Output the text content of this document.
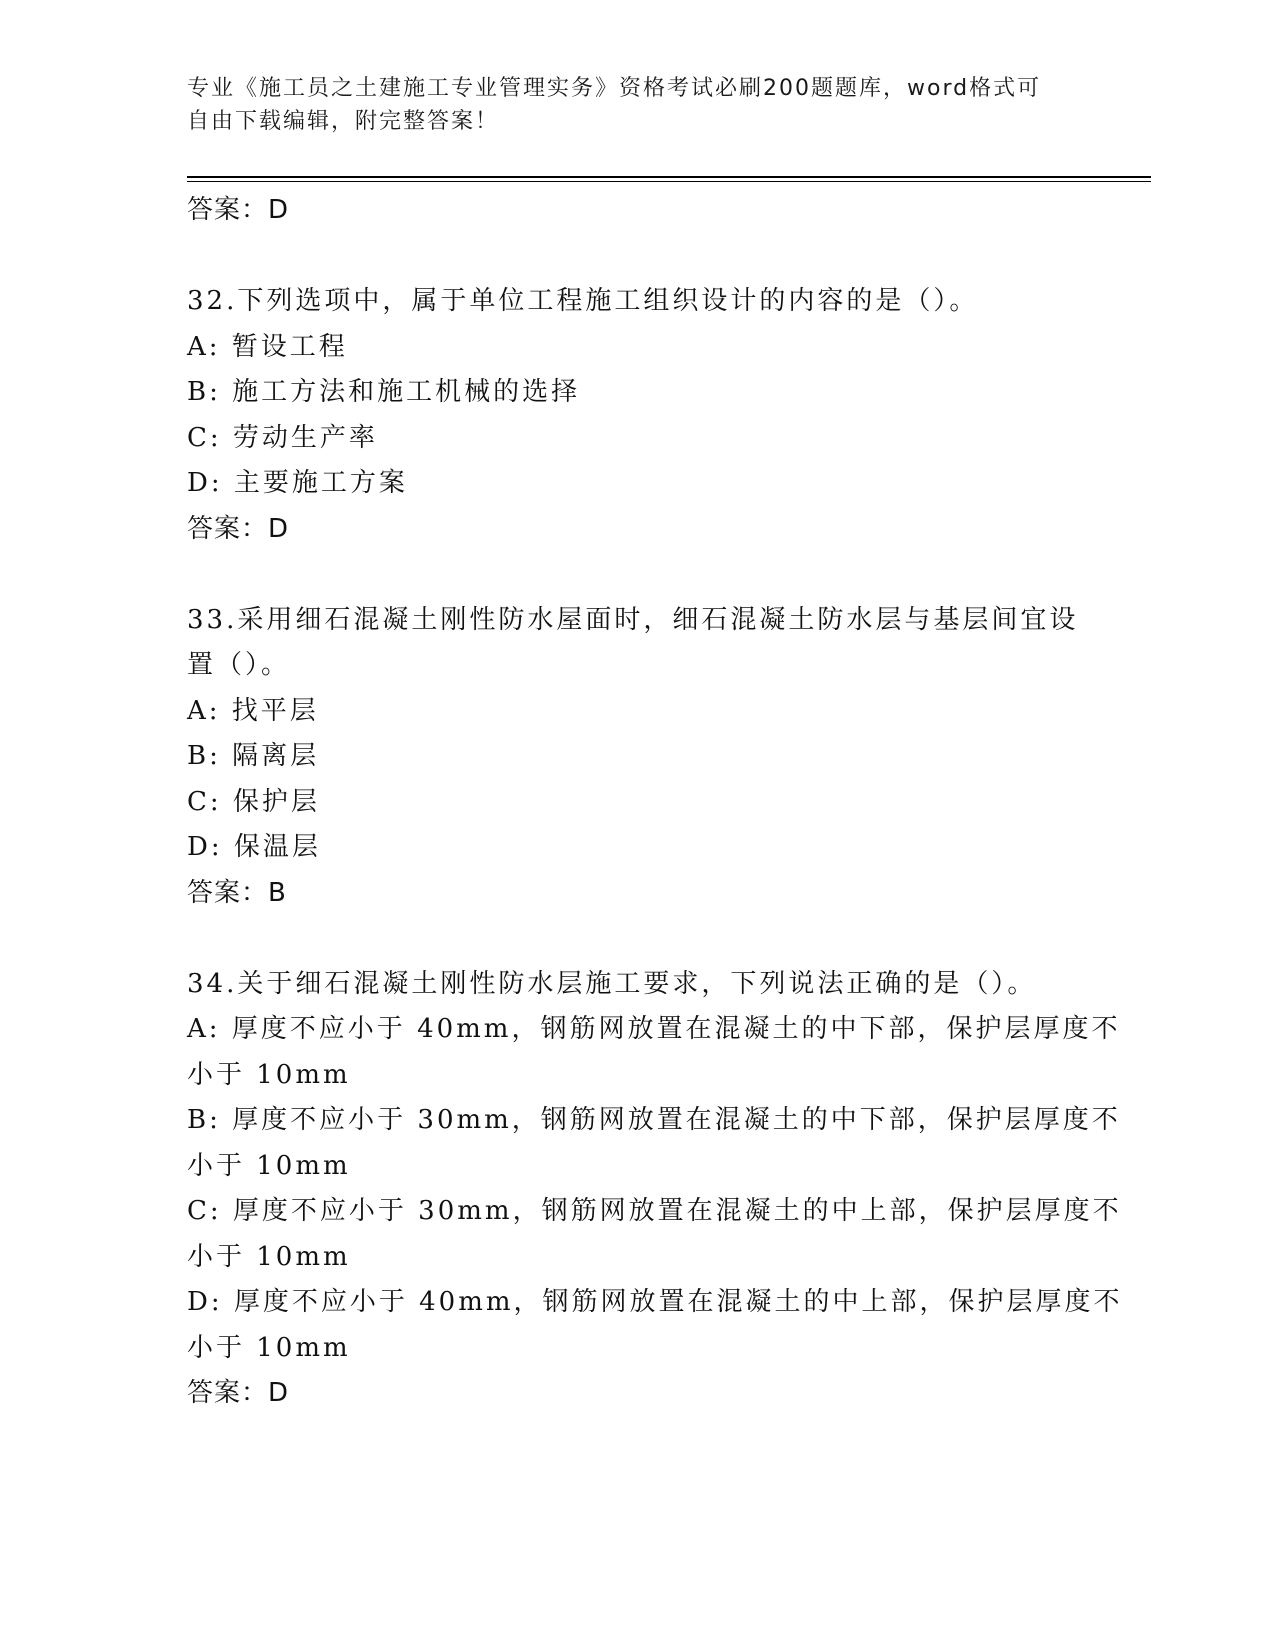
专业《施工员之土建施工专业管理实务》资格考试必刷200题题库，word格式可
自由下载编辑，附完整答案！
答案：D
32.下列选项中，属于单位工程施工组织设计的内容的是（）。
A: 暂设工程
B: 施工方法和施工机械的选择
C: 劳动生产率
D: 主要施工方案
答案：D
33.采用细石混凝土刚性防水屋面时，细石混凝土防水层与基层间宜设
置（）。
A: 找平层
B: 隔离层
C: 保护层
D: 保温层
答案：B
34.关于细石混凝土刚性防水层施工要求，下列说法正确的是（）。
A: 厚度不应小于 40mm，钢筋网放置在混凝土的中下部，保护层厚度不
小于 10mm
B: 厚度不应小于 30mm，钢筋网放置在混凝土的中下部，保护层厚度不
小于 10mm
C: 厚度不应小于 30mm，钢筋网放置在混凝土的中上部，保护层厚度不
小于 10mm
D: 厚度不应小于 40mm，钢筋网放置在混凝土的中上部，保护层厚度不
小于 10mm
答案：D
